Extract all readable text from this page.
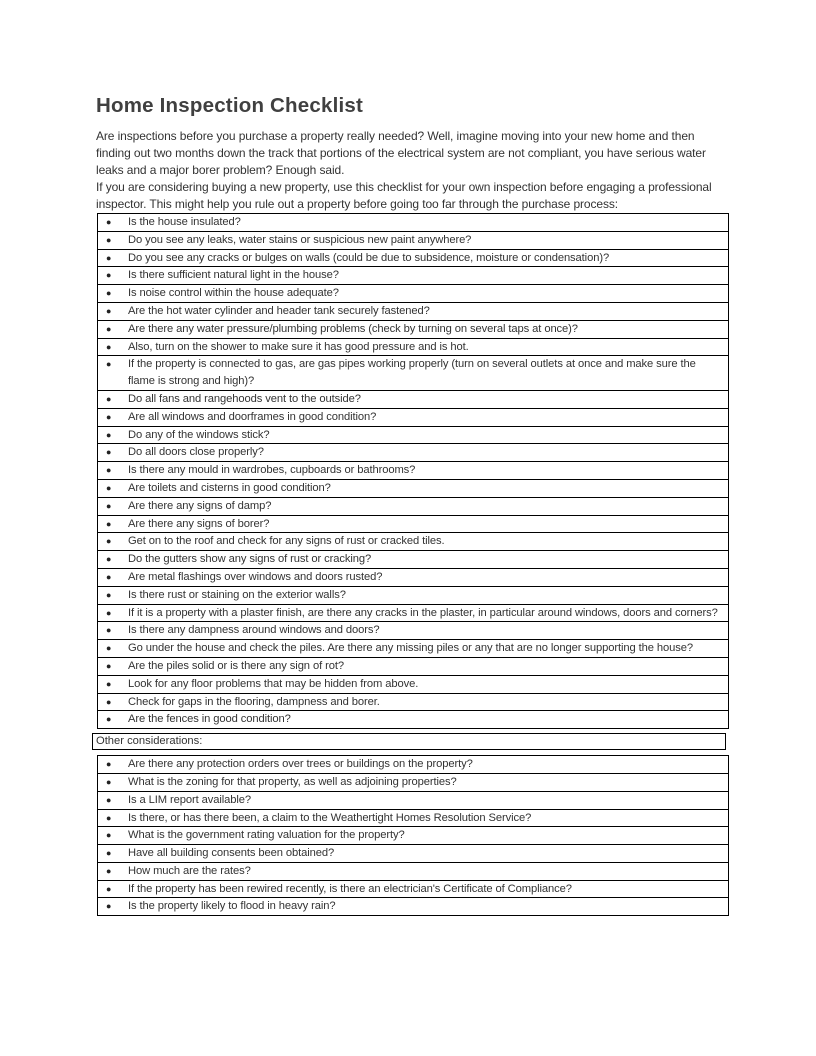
Home Inspection Checklist

Are inspections before you purchase a property really needed? Well, imagine moving into your new home and then finding out two months down the track that portions of the electrical system are not compliant, you have serious water leaks and a major borer problem? Enough said.

If you are considering buying a new property, use this checklist for your own inspection before engaging a professional inspector. This might help you rule out a property before going too far through the purchase process:

●	Is the house insulated?
●	Do you see any leaks, water stains or suspicious new paint anywhere?
●	Do you see any cracks or bulges on walls (could be due to subsidence, moisture or condensation)?
●	Is there sufficient natural light in the house?
●	Is noise control within the house adequate?
●	Are the hot water cylinder and header tank securely fastened?
●	Are there any water pressure/plumbing problems (check by turning on several taps at once)?
●	Also, turn on the shower to make sure it has good pressure and is hot.
●	If the property is connected to gas, are gas pipes working properly (turn on several outlets at once and make sure the flame is strong and high)?
●	Do all fans and rangehoods vent to the outside?
●	Are all windows and doorframes in good condition?
●	Do any of the windows stick?
●	Do all doors close properly?
●	Is there any mould in wardrobes, cupboards or bathrooms?
●	Are toilets and cisterns in good condition?
●	Are there any signs of damp?
●	Are there any signs of borer?
●	Get on to the roof and check for any signs of rust or cracked tiles.
●	Do the gutters show any signs of rust or cracking?
●	Are metal flashings over windows and doors rusted?
●	Is there rust or staining on the exterior walls?
●	If it is a property with a plaster finish, are there any cracks in the plaster, in particular around windows, doors and corners?
●	Is there any dampness around windows and doors?
●	Go under the house and check the piles. Are there any missing piles or any that are no longer supporting the house?
●	Are the piles solid or is there any sign of rot?
●	Look for any floor problems that may be hidden from above.
●	Check for gaps in the flooring, dampness and borer.
●	Are the fences in good condition?
Other considerations:
●	Are there any protection orders over trees or buildings on the property?
●	What is the zoning for that property, as well as adjoining properties?
●	Is a LIM report available?
●	Is there, or has there been, a claim to the Weathertight Homes Resolution Service?
●	What is the government rating valuation for the property?
●	Have all building consents been obtained?
●	How much are the rates?
●	If the property has been rewired recently, is there an electrician's Certificate of Compliance?
●	Is the property likely to flood in heavy rain?
